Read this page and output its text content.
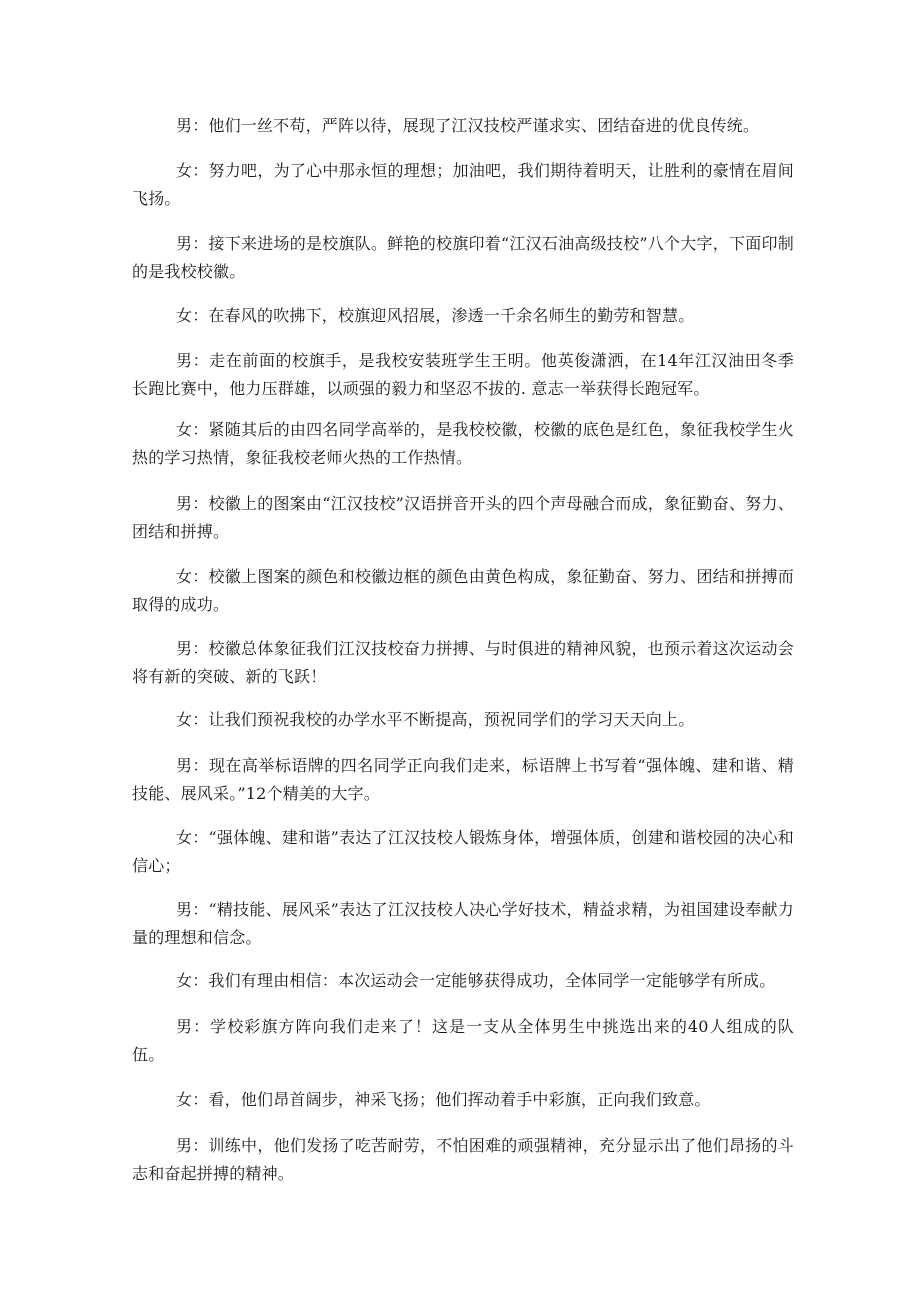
男：他们一丝不苟，严阵以待，展现了江汉技校严谨求实、团结奋进的优良传统。

女：努力吧，为了心中那永恒的理想；加油吧，我们期待着明天，让胜利的豪情在眉间飞扬。

男：接下来进场的是校旗队。鲜艳的校旗印着“江汉石油高级技校”八个大字，下面印制的是我校校徽。

女：在春风的吹拂下，校旗迎风招展，渗透一千余名师生的勤劳和智慧。

男：走在前面的校旗手，是我校安装班学生王明。他英俊潇洒，在14年江汉油田冬季长跑比赛中，他力压群雄，以顽强的毅力和坚忍不拔的. 意志一举获得长跑冠军。

女：紧随其后的由四名同学高举的，是我校校徽，校徽的底色是红色，象征我校学生火热的学习热情，象征我校老师火热的工作热情。

男：校徽上的图案由“江汉技校”汉语拼音开头的四个声母融合而成，象征勤奋、努力、团结和拼搏。

女：校徽上图案的颜色和校徽边框的颜色由黄色构成，象征勤奋、努力、团结和拼搏而取得的成功。

男：校徽总体象征我们江汉技校奋力拼搏、与时俱进的精神风貌，也预示着这次运动会将有新的突破、新的飞跃！

女：让我们预祝我校的办学水平不断提高，预祝同学们的学习天天向上。

男：现在高举标语牌的四名同学正向我们走来，标语牌上书写着“强体魄、建和谐、精技能、展风采。”12个精美的大字。

女：“强体魄、建和谐”表达了江汉技校人锻炼身体，增强体质，创建和谐校园的决心和信心；

男：“精技能、展风采”表达了江汉技校人决心学好技术，精益求精，为祖国建设奉献力量的理想和信念。

女：我们有理由相信：本次运动会一定能够获得成功，全体同学一定能够学有所成。

男：学校彩旗方阵向我们走来了！这是一支从全体男生中挑选出来的40人组成的队伍。

女：看，他们昂首阔步，神采飞扬；他们挥动着手中彩旗，正向我们致意。

男：训练中，他们发扬了吃苦耐劳，不怕困难的顽强精神，充分显示出了他们昂扬的斗志和奋起拼搏的精神。
